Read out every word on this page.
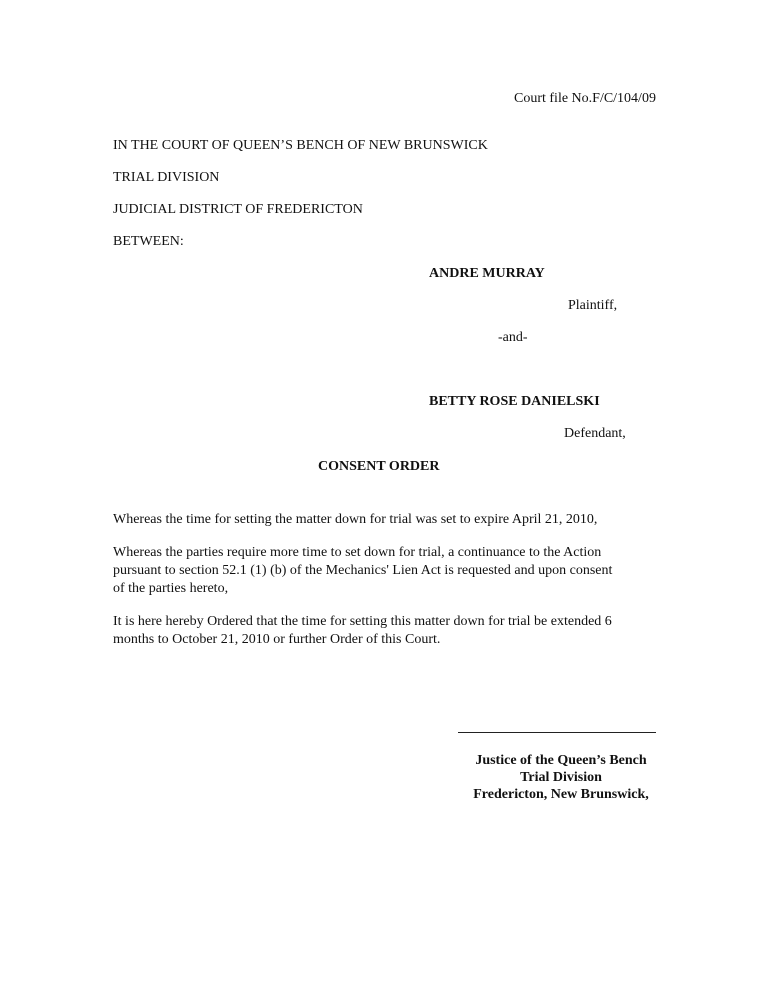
Court file No.F/C/104/09
IN THE COURT OF QUEEN’S BENCH OF NEW BRUNSWICK
TRIAL DIVISION
JUDICIAL DISTRICT OF FREDERICTON
BETWEEN:
ANDRE MURRAY
Plaintiff,
-and-
BETTY ROSE DANIELSKI
Defendant,
CONSENT ORDER
Whereas the time for setting the matter down for trial was set to expire April 21, 2010,
Whereas the parties require more time to set down for trial, a continuance to the Action
pursuant to section 52.1 (1) (b) of the Mechanics' Lien Act is requested and upon consent
of the parties hereto,
It is here hereby Ordered that the time for setting this matter down for trial be extended 6
months to October 21, 2010 or further Order of this Court.
Justice of the Queen’s Bench
Trial Division
Fredericton, New Brunswick,
